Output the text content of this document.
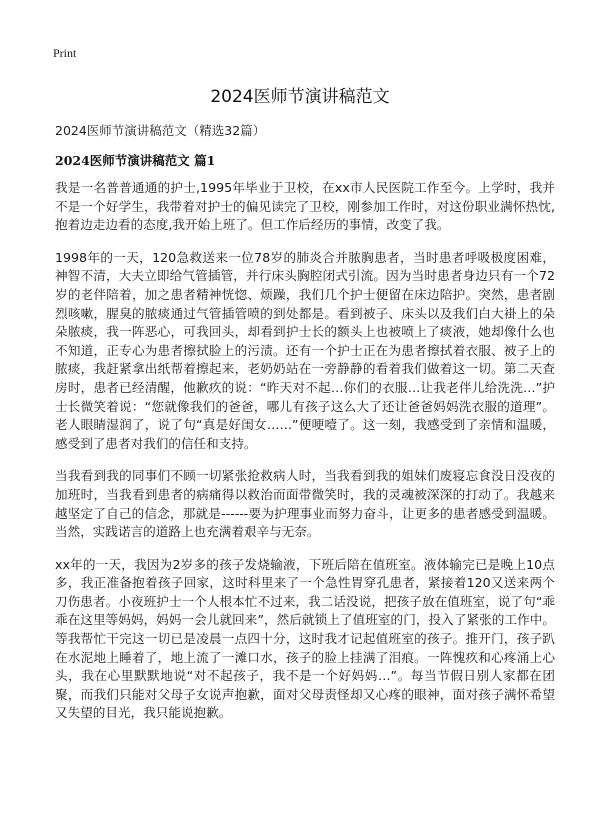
Print
2024医师节演讲稿范文
2024医师节演讲稿范文（精选32篇）
2024医师节演讲稿范文 篇1

我是一名普普通通的护士,1995年毕业于卫校，在xx市人民医院工作至今。上学时，我并不是一个好学生，我带着对护士的偏见读完了卫校，刚参加工作时，对这份职业满怀热忱,抱着边走边看的态度,我开始上班了。但工作后经历的事情，改变了我。

1998年的一天，120急救送来一位78岁的肺炎合并脓胸患者，当时患者呼吸极度困难，神智不清，大夫立即给气管插管，并行床头胸腔闭式引流。因为当时患者身边只有一个72岁的老伴陪着，加之患者精神恍惚、烦躁，我们几个护士便留在床边陪护。突然，患者剧烈咳嗽，腥臭的脓痰通过气管插管喷的到处都是。看到被子、床头以及我们白大褂上的朵朵脓痰，我一阵恶心，可我回头，却看到护士长的额头上也被喷上了痰液，她却像什么也不知道，正专心为患者擦拭脸上的污渍。还有一个护士正在为患者擦拭着衣服、被子上的脓痰，我赶紧拿出纸帮着擦起来，老奶奶站在一旁静静的看着我们做着这一切。第二天查房时，患者已经清醒，他歉疚的说：“昨天对不起…你们的衣服…让我老伴儿给洗洗…”护士长微笑着说：“您就像我们的爸爸，哪儿有孩子这么大了还让爸爸妈妈洗衣服的道理”。老人眼睛湿润了，说了句“真是好闺女……”便哽噎了。这一刻，我感受到了亲情和温暖，感受到了患者对我们的信任和支持。

当我看到我的同事们不顾一切紧张抢救病人时，当我看到我的姐妹们废寝忘食没日没夜的加班时，当我看到患者的病痛得以救治而面带微笑时，我的灵魂被深深的打动了。我越来越坚定了自己的信念，那就是------要为护理事业而努力奋斗，让更多的患者感受到温暖。当然，实践诺言的道路上也充满着艰辛与无奈。

xx年的一天，我因为2岁多的孩子发烧输液，下班后陪在值班室。液体输完已是晚上10点多，我正准备抱着孩子回家，这时科里来了一个急性胃穿孔患者，紧接着120又送来两个刀伤患者。小夜班护士一个人根本忙不过来，我二话没说，把孩子放在值班室，说了句“乖乖在这里等妈妈，妈妈一会儿就回来”，然后就锁上了值班室的门，投入了紧张的工作中。等我帮忙干完这一切已是凌晨一点四十分，这时我才记起值班室的孩子。推开门，孩子趴在水泥地上睡着了，地上流了一滩口水，孩子的脸上挂满了泪痕。一阵愧疚和心疼涌上心头，我在心里默默地说“对不起孩子，我不是一个好妈妈…”。每当节假日别人家都在团聚，而我们只能对父母子女说声抱歉，面对父母责怪却又心疼的眼神，面对孩子满怀希望又失望的目光，我只能说抱歉。
